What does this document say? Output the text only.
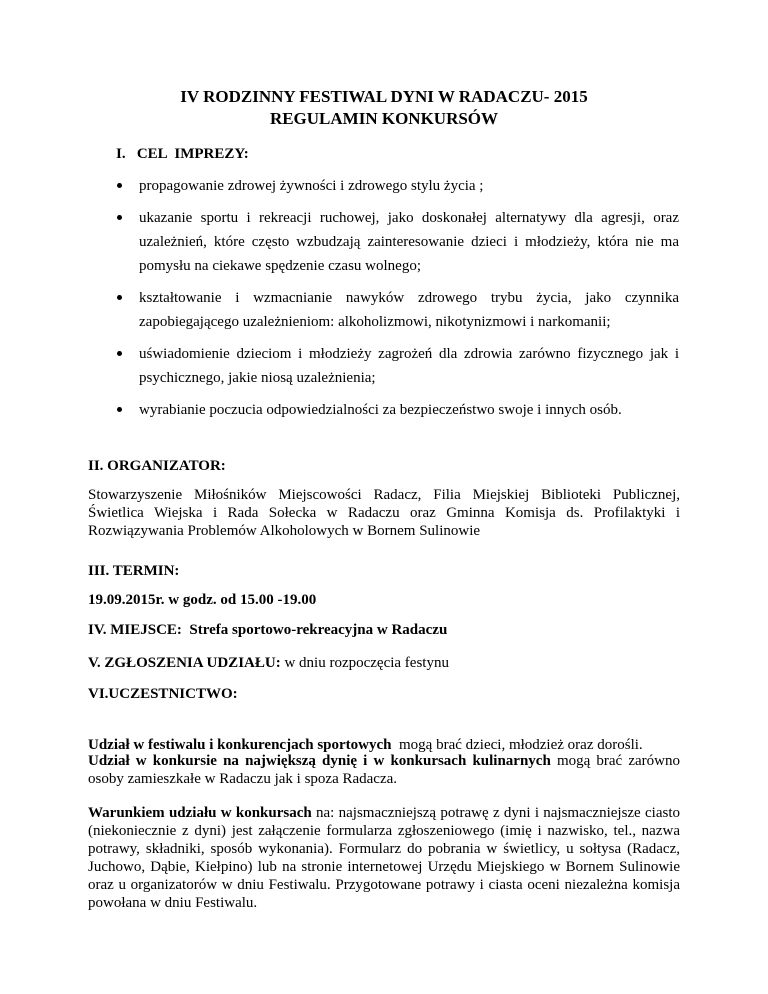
IV RODZINNY FESTIWAL DYNI W RADACZU- 2015
REGULAMIN KONKURSÓW
I.   CEL  IMPREZY:
propagowanie zdrowej żywności i zdrowego stylu życia ;
ukazanie sportu i rekreacji ruchowej, jako doskonałej alternatywy dla agresji, oraz uzależnień, które często wzbudzają zainteresowanie dzieci i młodzieży, która nie ma pomysłu na ciekawe spędzenie czasu wolnego;
kształtowanie i wzmacnianie nawyków zdrowego trybu życia, jako czynnika zapobiegającego uzależnieniom: alkoholizmowi, nikotynizmowi i narkomanii;
uświadomienie dzieciom i młodzieży zagrożeń dla zdrowia zarówno fizycznego jak i psychicznego, jakie niosą uzależnienia;
wyrabianie poczucia odpowiedzialności za bezpieczeństwo swoje i innych osób.
II. ORGANIZATOR:
Stowarzyszenie Miłośników Miejscowości Radacz, Filia Miejskiej Biblioteki Publicznej, Świetlica Wiejska i Rada Sołecka w Radaczu oraz Gminna Komisja ds. Profilaktyki i Rozwiązywania Problemów Alkoholowych w Bornem Sulinowie
III. TERMIN:
19.09.2015r. w godz. od 15.00 -19.00
IV. MIEJSCE:  Strefa sportowo-rekreacyjna w Radaczu
V. ZGŁOSZENIA UDZIAŁU: w dniu rozpoczęcia festynu
VI.UCZESTNICTWO:

Udział w festiwalu i konkurencjach sportowych  mogą brać dzieci, młodzież oraz dorośli.
Udział w konkursie na największą dynię i w konkursach kulinarnych mogą brać zarówno osoby zamieszkałe w Radaczu jak i spoza Radacza.
Warunkiem udziału w konkursach na: najsmaczniejszą potrawę z dyni i najsmaczniejsze ciasto (niekoniecznie z dyni) jest załączenie formularza zgłoszeniowego (imię i nazwisko, tel., nazwa potrawy, składniki, sposób wykonania). Formularz do pobrania w świetlicy, u sołtysa (Radacz, Juchowo, Dąbie, Kiełpino) lub na stronie internetowej Urzędu Miejskiego w Bornem Sulinowie oraz u organizatorów w dniu Festiwalu. Przygotowane potrawy i ciasta oceni niezależna komisja powołana w dniu Festiwalu.
